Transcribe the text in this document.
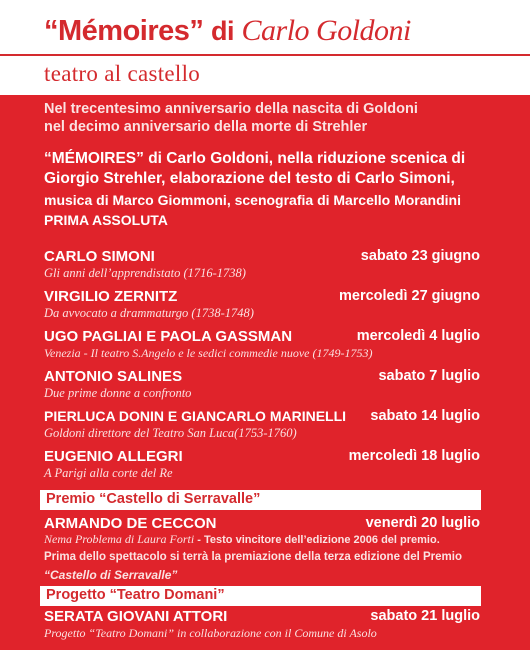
“Mémoires” di Carlo Goldoni
teatro al castello
Nel trecentesimo anniversario della nascita di Goldoni
nel decimo anniversario della morte di Strehler
“MÉMOIRES” di Carlo Goldoni, nella riduzione scenica di
Giorgio Strehler, elaborazione del testo di Carlo Simoni,
musica di Marco Giommoni, scenografia di Marcello Morandini
PRIMA ASSOLUTA
CARLO SIMONI	sabato 23 giugno
Gli anni dell’apprendistato (1716-1738)
VIRGILIO ZERNITZ	mercoledì 27 giugno
Da avvocato a drammaturgo (1738-1748)
UGO PAGLIAI E PAOLA GASSMAN	mercoledì 4 luglio
Venezia - Il teatro S.Angelo e le sedici commedie nuove (1749-1753)
ANTONIO SALINES	sabato 7 luglio
Due prime donne a confronto
PIERLUCA DONIN E GIANCARLO MARINELLI sabato 14 luglio
Goldoni direttore del Teatro San Luca(1753-1760)
EUGENIO ALLEGRI	mercoledì 18 luglio
A Parigi alla corte del Re
Premio “Castello di Serravalle”
ARMANDO DE CECCON	venerdì 20 luglio
Nema Problema di Laura Forti - Testo vincitore dell’edizione 2006 del premio.
Prima dello spettacolo si terrà la premiazione della terza edizione del Premio
“Castello di Serravalle”
Progetto “Teatro Domani”
SERATA GIOVANI ATTORI	sabato 21 luglio
Progetto “Teatro Domani” in collaborazione con il Comune di Asolo
